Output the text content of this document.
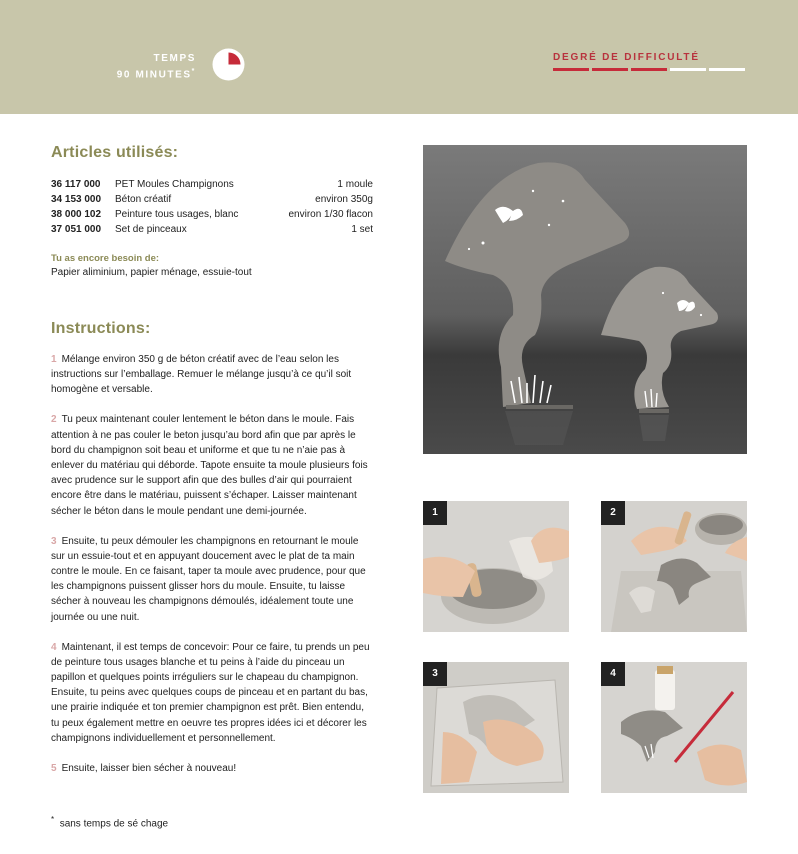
TEMPS
90 MINUTES*
DEGRÉ DE DIFFICULTÉ
Articles utilisés:
36 117 000	PET Moules Champignons	1 moule
34 153 000	Béton créatif	environ 350g
38 000 102	Peinture tous usages, blanc	environ 1/30 flacon
37 051 000	Set de pinceaux	1 set
Tu as encore besoin de:
Papier aliminium, papier ménage, essuie-tout
Instructions:

1 Mélange environ 350 g de béton créatif avec de l’eau selon les instructions sur l’emballage. Remuer le mélange jusqu’à ce qu’il soit homogène et versable.

2 Tu peux maintenant couler lentement le béton dans le moule. Fais attention à ne pas couler le beton jusqu’au bord afin que par après le bord du champignon soit beau et uniforme et que tu ne n’aie pas à enlever du matériau qui déborde. Tapote ensuite ta moule plusieurs fois avec prudence sur le support afin que des bulles d’air qui pourraient encore être dans le matériau, puissent s’échaper. Laisser maintenant sécher le béton dans le moule pendant une demi-journée.

3 Ensuite, tu peux démouler les champignons en retournant le moule sur un essuie-tout et en appuyant doucement avec le plat de ta main contre le moule. En ce faisant, taper ta moule avec prudence, pour que les champignons puissent glisser hors du moule. Ensuite, tu laisse sécher à nouveau les champignons démoulés, idéalement toute une journée ou une nuit.

4 Maintenant, il est temps de concevoir: Pour ce faire, tu prends un peu de peinture tous usages blanche et tu peins à l’aide du pinceau un papillon et quelques points irréguliers sur le chapeau du champignon. Ensuite, tu peins avec quelques coups de pinceau et en partant du bas, une prairie indiquée et ton premier champignon est prêt. Bien entendu, tu peux également mettre en oeuvre tes propres idées ici et décorer les champignons individuellement et personnellement.

5 Ensuite, laisser bien sécher à nouveau!

* sans temps de sé chage
1	2
3	4
